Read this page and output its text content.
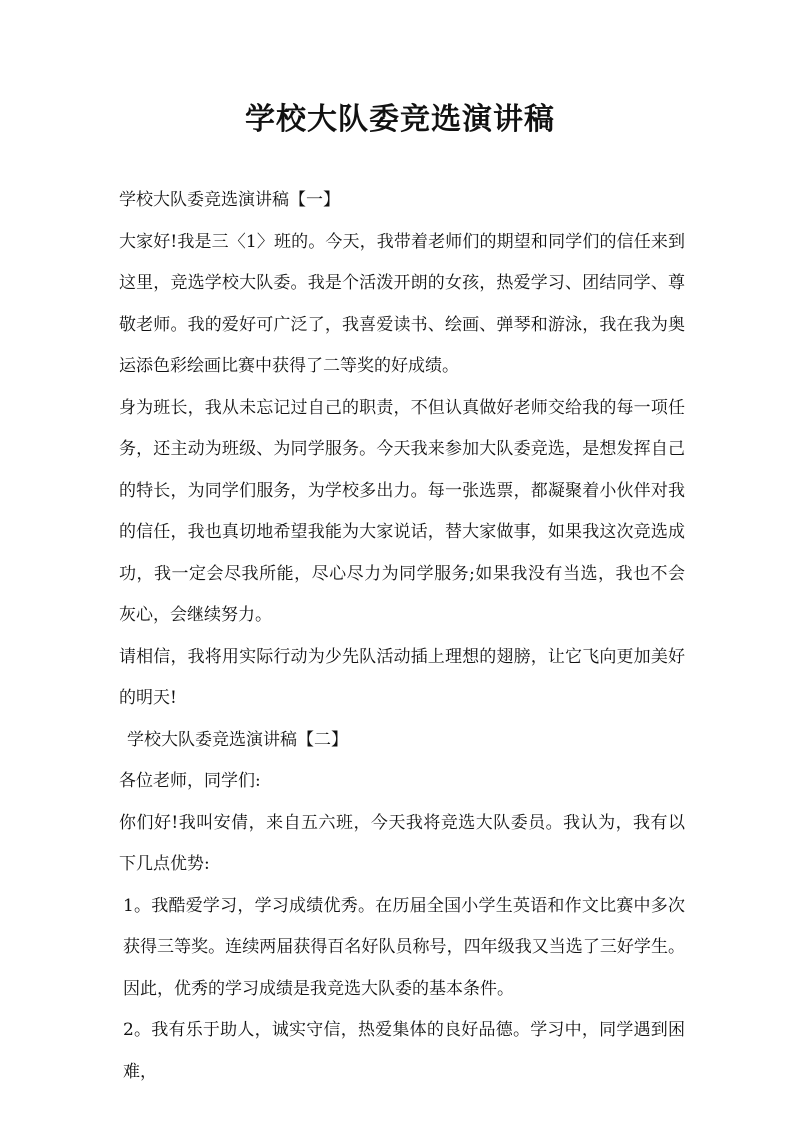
学校大队委竞选演讲稿

学校大队委竞选演讲稿【一】

大家好!我是三〈1〉班的。今天，我带着老师们的期望和同学们的信任来到这里，竞选学校大队委。我是个活泼开朗的女孩，热爱学习、团结同学、尊敬老师。我的爱好可广泛了，我喜爱读书、绘画、弹琴和游泳，我在我为奥运添色彩绘画比赛中获得了二等奖的好成绩。

身为班长，我从未忘记过自己的职责，不但认真做好老师交给我的每一项任务，还主动为班级、为同学服务。今天我来参加大队委竞选，是想发挥自己的特长，为同学们服务，为学校多出力。每一张选票，都凝聚着小伙伴对我的信任，我也真切地希望我能为大家说话，替大家做事，如果我这次竞选成功，我一定会尽我所能，尽心尽力为同学服务;如果我没有当选，我也不会灰心，会继续努力。

请相信，我将用实际行动为少先队活动插上理想的翅膀，让它飞向更加美好的明天!

学校大队委竞选演讲稿【二】

各位老师，同学们:

你们好!我叫安倩，来自五六班，今天我将竞选大队委员。我认为，我有以下几点优势:

1。我酷爱学习，学习成绩优秀。在历届全国小学生英语和作文比赛中多次获得三等奖。连续两届获得百名好队员称号，四年级我又当选了三好学生。因此，优秀的学习成绩是我竞选大队委的基本条件。

2。我有乐于助人，诚实守信，热爱集体的良好品德。学习中，同学遇到困难，
